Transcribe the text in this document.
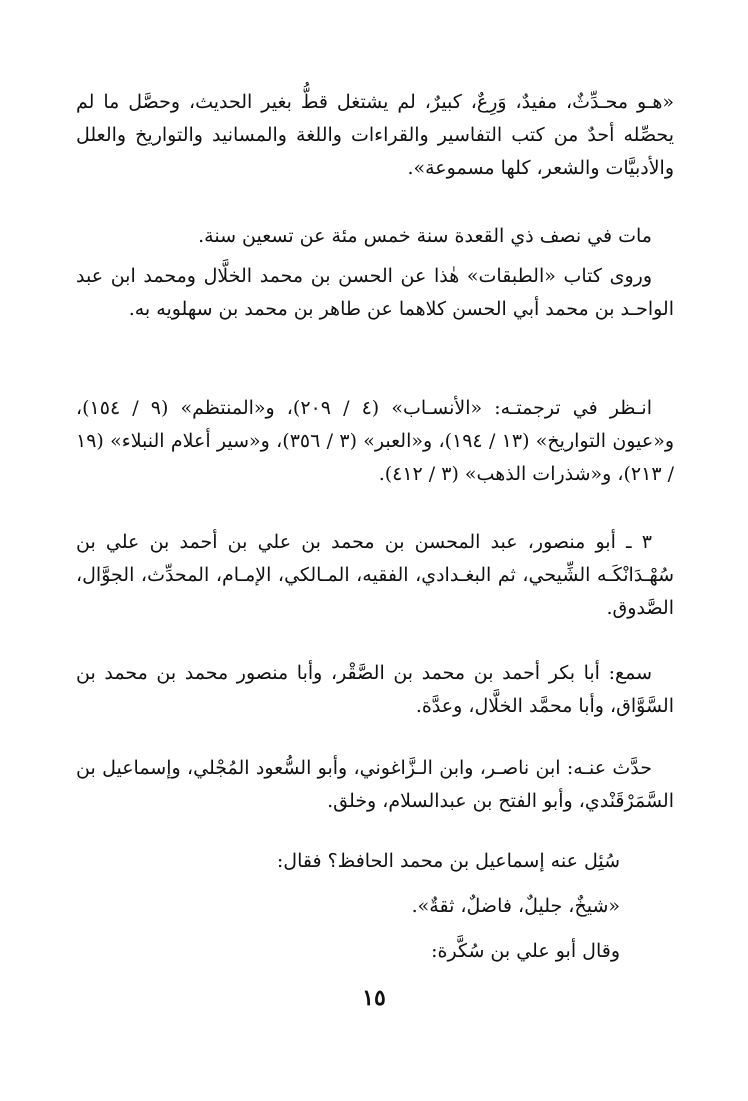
«هـو محـدِّثٌ، مفيدٌ، وَرِعٌ، كبيرٌ، لم يشتغل قطُّ بغير الحديث، وحصَّل ما لم يحصِّله أحدٌ من كتب التفاسير والقراءات واللغة والمسانيد والتواريخ والعلل والأدبيَّات والشعر، كلها مسموعة».

مات في نصف ذي القعدة سنة خمس مئة عن تسعين سنة.

وروى كتاب «الطبقات» هٰذا عن الحسن بن محمد الخلَّال ومحمد ابن عبد الواحـد بن محمد أبي الحسن كلاهما عن طاهر بن محمد بن سهلويه به.

انـظر في ترجمتـه: «الأنسـاب» (٤ / ٢٠٩)، و«المنتظم» (٩ / ١٥٤)، و«عيون التواريخ» (١٣ / ١٩٤)، و«العبر» (٣ / ٣٥٦)، و«سير أعلام النبلاء» (١٩ / ٢١٣)، و«شذرات الذهب» (٣ / ٤١٢).

٣ ـ أبو منصور، عبد المحسن بن محمد بن علي بن أحمد بن علي بن سُهْـدَانْكَـه الشِّيحي، ثم البغـدادي، الفقيه، المـالكي، الإمـام، المحدِّث، الجوَّال، الصَّدوق.

سمع: أبا بكر أحمد بن محمد بن الصَّقْر، وأبا منصور محمد بن محمد بن السَّوَّاق، وأبا محمَّد الخلَّال، وعدَّة.

حدَّث عنـه: ابن ناصـر، وابن الـزَّاغوني، وأبو السُّعود المُجْلي، وإسماعيل بن السَّمَرْقَنْدي، وأبو الفتح بن عبدالسلام، وخلق.

سُئِل عنه إسماعيل بن محمد الحافظ؟ فقال:

«شيخٌ، جليلٌ، فاضلٌ، ثقةٌ».

وقال أبو علي بن سُكَّرة:

١٥
